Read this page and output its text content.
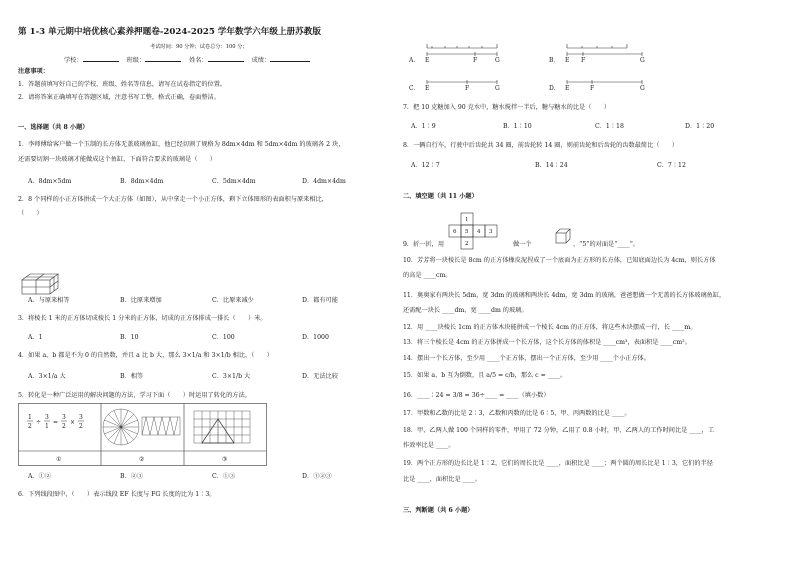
第 1-3 单元期中培优核心素养押题卷-2024-2025 学年数学六年级上册苏教版
考试时间：90 分钟；试卷总分：100 分；
学校：	班级：	姓名：	成绩：
注意事项：
1．答题前填写好自己的学校、班级、姓名等信息，请写在试卷指定的位置。
2．请将答案正确填写在答题区域，注意书写工整，格式正确，卷面整洁。
一、选择题（共 8 小题）
1．李师傅给客户做一个玉制的长方体无盖玻璃鱼缸，他已经切割了规格为 8dm×4dm 和 5dm×4dm 的玻璃各 2 块，
还需要切割一块玻璃才能做成这个鱼缸，下面符合要求的玻璃是（　　）
A．8dm×5dm	B．8dm×4dm	C．5dm×4dm	D．4dm×4dm
2．8 个同样的小正方体拼成一个大正方体（如图），从中拿走一个小正方体，剩下立体图形的表面积与原来相比，
（　　）
A．与原来相等	B．比原来增加	C．比原来减少	D．都有可能
3．将棱长 1 米的正方体切成棱长 1 分米的正方体，切成的正方体排成一排长（　　）米。
A．1	B．10	C．100	D．1000
4．如果 a、b 都是不为 0 的自然数，并且 a 比 b 大，那么 3×1/a 和 3×1/b 相比，（　　）
A．3×1/a 大	B．相等	C．3×1/b 大	D．无法比较
5．转化是一种广泛运用的解决问题的方法，学习下面（　　）时运用了转化的方法。
1
2
÷
3
1
=
3
2
×
3
2
①	②	③
A．①②	B．②③	C．①③	D．①②③
6．下列线段图中，（　　）表示线段 EF 长度与 FG 长度的比为 1∶3。
A． E	F	G
C． E	F	G
B． E F	G
D． E	F	G
7．把 10 克糖加入 90 克水中，糖水搅拌一半后，糖与糖水的比是（　　）
A．1∶9	B．1∶10	C．1∶18	D．1∶20
8．一辆自行车，行驶中后齿轮共 34 圈，前齿轮转 14 圈，则前齿轮和后齿轮的齿数最简比（　　）
A．12∶7	B．14∶24	C．7∶12
二、填空题（共 11 小题）
1
6 5 4 3
2
9．折一折，用	做一个	，“5”的对面是“____”。
10．芳芳将一块棱长是 8cm 的正方体橡皮泥捏成了一个底面为正方形的长方体，已知底面边长为 4cm，则长方体
的高是 ____cm。
11．奥奥家有两块长 5dm，宽 3dm 的玻璃和两块长 4dm，宽 3dm 的玻璃，爸爸想做一个无盖的长方体玻璃鱼缸，
还需配一块长 ____dm，宽 ____dm 的玻璃。
12．用 ____块棱长 1cm 的正方体木块能拼成一个棱长 4cm 的正方体，将这些木块摆成一行，长 ____m。
13．将三个棱长是 4cm 的正方体拼成一个长方体，这个长方体的体积是 ____cm³，表面积是 ____cm²。
14．摆出一个长方体，至少用 ____个正方体，摆出一个正方体，至少用 ____个小正方体。
15．如果 a、b 互为倒数，且 a/5 = c/b，那么 c = ____。
16．____∶24 = 3/8 = 36÷____ = ____（填小数）
17．甲数和乙数的比是 2∶3，乙数和丙数的比是 6∶5，甲、丙两数的比是 ____。
18．甲、乙两人做 100 个同样的零件，甲用了 72 分钟，乙用了 0.8 小时，甲、乙两人的工作时间比是 ____，工
作效率比是 ____。
19．两个正方形的边长比是 1∶2，它们的周长比是 ____，面积比是 ____；两个圆的周长比是 1∶3，它们的半径
比是 ____，面积比是 ____。
三、判断题（共 6 小题）
